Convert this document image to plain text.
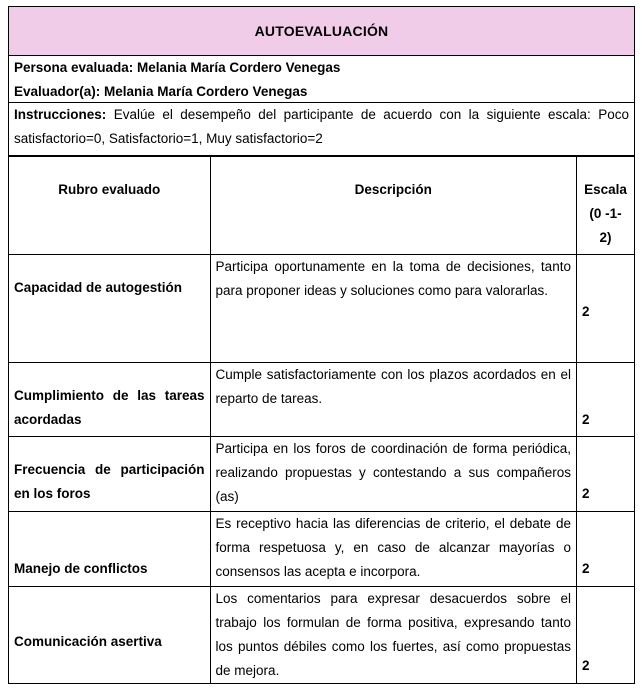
AUTOEVALUACIÓN
Persona evaluada: Melania María Cordero Venegas
Evaluador(a): Melania María Cordero Venegas
Instrucciones: Evalúe el desempeño del participante de acuerdo con la siguiente escala: Poco satisfactorio=0, Satisfactorio=1, Muy satisfactorio=2
Rubro evaluado	Descripción	Escala (0 -1- 2)
Capacidad de autogestión	Participa oportunamente en la toma de decisiones, tanto para proponer ideas y soluciones como para valorarlas.	2
Cumplimiento de las tareas acordadas	Cumple satisfactoriamente con los plazos acordados en el reparto de tareas.	2
Frecuencia de participación en los foros	Participa en los foros de coordinación de forma periódica, realizando propuestas y contestando a sus compañeros (as)	2
Manejo de conflictos	Es receptivo hacia las diferencias de criterio, el debate de forma respetuosa y, en caso de alcanzar mayorías o consensos las acepta e incorpora.	2
Comunicación asertiva	Los comentarios para expresar desacuerdos sobre el trabajo los formulan de forma positiva, expresando tanto los puntos débiles como los fuertes, así como propuestas de mejora.	2
